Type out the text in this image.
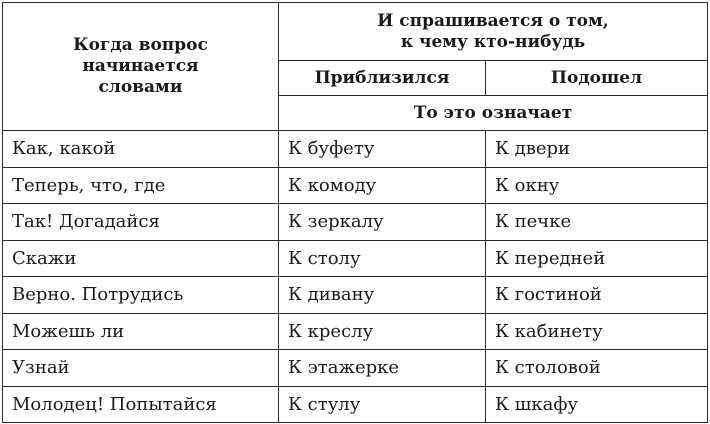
Когда вопрос начинается словами	И спрашивается о том, к чему кто-нибудь	
	Приблизился	Подошел
	То это означает	
Как, какой	К буфету	К двери
Теперь, что, где	К комоду	К окну
Так! Догадайся	К зеркалу	К печке
Скажи	К столу	К передней
Верно. Потрудись	К дивану	К гостиной
Можешь ли	К креслу	К кабинету
Узнай	К этажерке	К столовой
Молодец! Попытайся	К стулу	К шкафу
